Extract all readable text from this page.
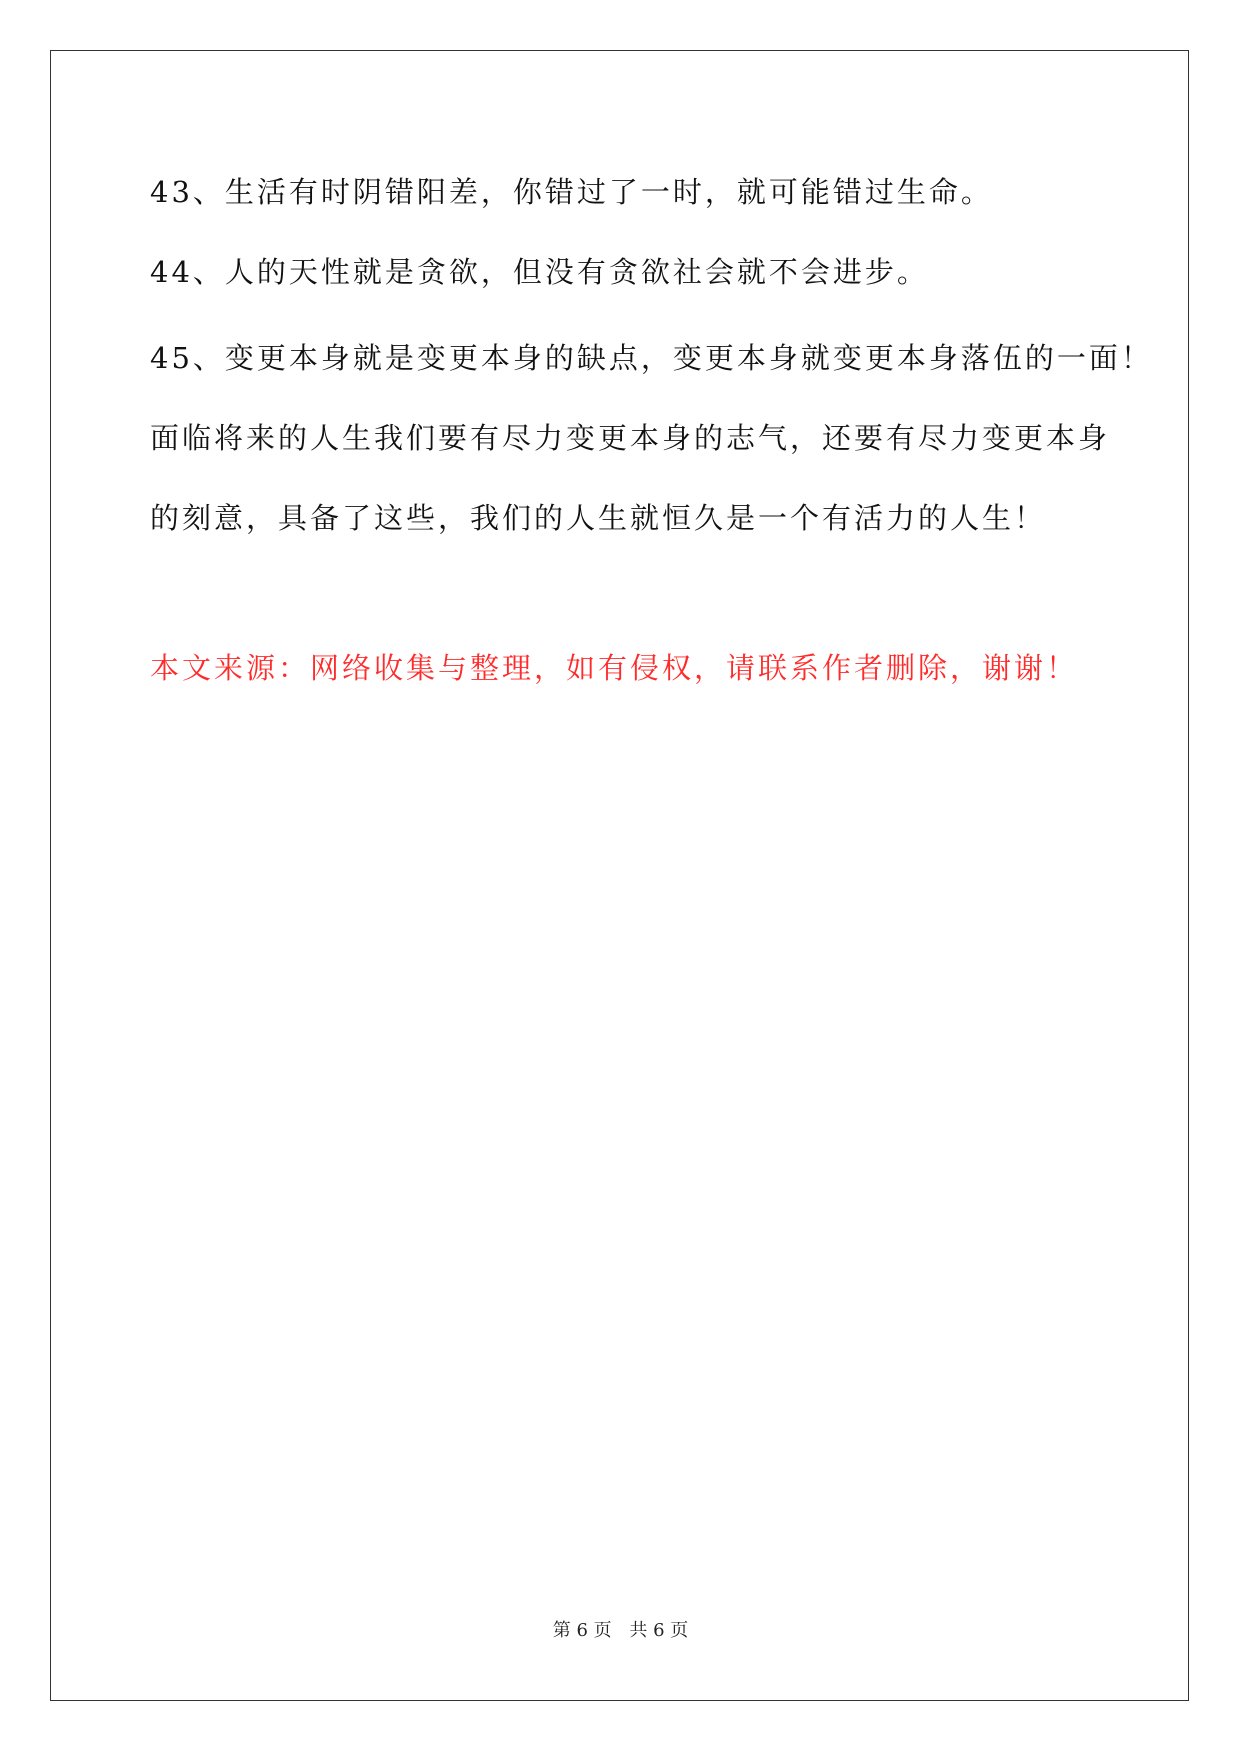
43、生活有时阴错阳差，你错过了一时，就可能错过生命。
44、人的天性就是贪欲，但没有贪欲社会就不会进步。
45、变更本身就是变更本身的缺点，变更本身就变更本身落伍的一面！
面临将来的人生我们要有尽力变更本身的志气，还要有尽力变更本身
的刻意，具备了这些，我们的人生就恒久是一个有活力的人生！
本文来源：网络收集与整理，如有侵权，请联系作者删除，谢谢！
第 6 页 共 6 页
